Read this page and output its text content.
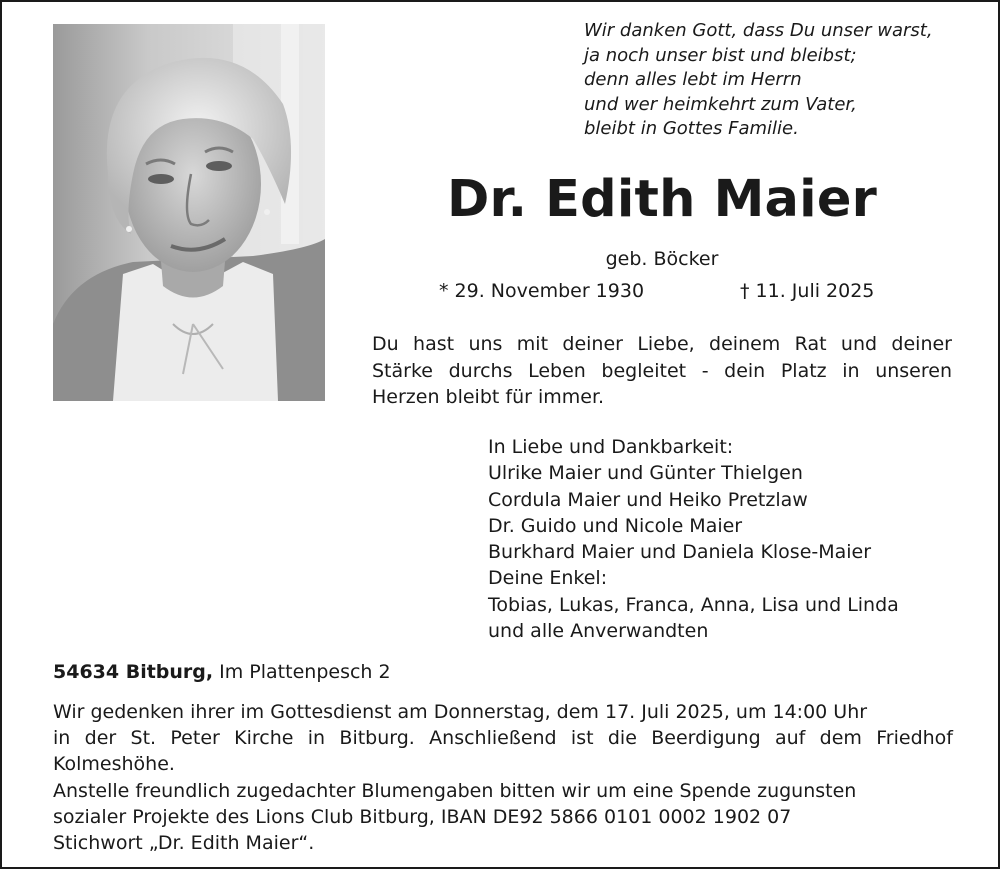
Wir danken Gott, dass Du unser warst,
ja noch unser bist und bleibst;
denn alles lebt im Herrn
und wer heimkehrt zum Vater,
bleibt in Gottes Familie.
Dr. Edith Maier
geb. Böcker
* 29. November 1930	† 11. Juli 2025
Du hast uns mit deiner Liebe, deinem Rat und deiner
Stärke durchs Leben begleitet - dein Platz in unseren
Herzen bleibt für immer.
In Liebe und Dankbarkeit:
Ulrike Maier und Günter Thielgen
Cordula Maier und Heiko Pretzlaw
Dr. Guido und Nicole Maier
Burkhard Maier und Daniela Klose-Maier
Deine Enkel:
Tobias, Lukas, Franca, Anna, Lisa und Linda
und alle Anverwandten
54634 Bitburg, Im Plattenpesch 2
Wir gedenken ihrer im Gottesdienst am Donnerstag, dem 17. Juli 2025, um 14:00 Uhr
in der St. Peter Kirche in Bitburg. Anschließend ist die Beerdigung auf dem Friedhof
Kolmeshöhe.
Anstelle freundlich zugedachter Blumengaben bitten wir um eine Spende zugunsten
sozialer Projekte des Lions Club Bitburg, IBAN DE92 5866 0101 0002 1902 07
Stichwort „Dr. Edith Maier“.
